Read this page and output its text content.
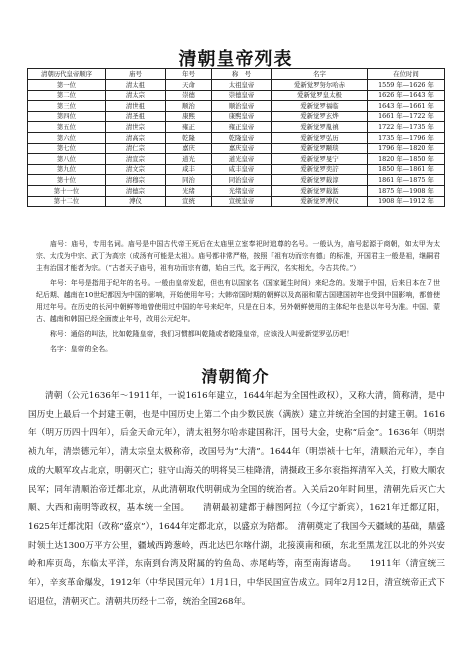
清朝皇帝列表
清朝历代皇帝顺序	庙号	年号	称　号	名字	在位时间
第一位	清太祖	天命	太祖皇帝	爱新觉罗努尔哈赤	1559 年—1626 年
第二位	清太宗	崇德	崇德皇帝	爱新觉罗皇太极	1626 年—1643 年
第三位	清世祖	顺治	顺治皇帝	爱新觉罗福临	1643 年—1661 年
第四位	清圣祖	康熙	康熙皇帝	爱新觉罗玄烨	1661 年—1722 年
第五位	清世宗	雍正	雍正皇帝	爱新觉罗胤禛	1722 年—1735 年
第六位	清高宗	乾隆	乾隆皇帝	爱新觉罗弘历	1735 年—1796 年
第七位	清仁宗	嘉庆	嘉庆皇帝	爱新觉罗颙琰	1796 年—1820 年
第八位	清宣宗	道光	道光皇帝	爱新觉罗旻宁	1820 年—1850 年
第九位	清文宗	咸丰	咸丰皇帝	爱新觉罗奕詝	1850 年—1861 年
第十位	清穆宗	同治	同治皇帝	爱新觉罗载淳	1861 年—1875 年
第十一位	清德宗	光绪	光绪皇帝	爱新觉罗载湉	1875 年—1908 年
第十二位	溥仪	宣统	宣统皇帝	爱新觉罗溥仪	1908 年—1912 年

庙号：庙号，专用名词。庙号是中国古代帝王死后在太庙里立室奉祀时追尊的名号。一般认为，庙号起源于商朝，如太甲为太宗、太戊为中宗、武丁为高宗（成汤有可能是太祖）。庙号都非常严格，按照「祖有功而宗有德」的标准，开国君主一般是祖，继嗣君主有治国才能者为宗。（“古者天子庙号，祖有功而宗有德，始自三代，迄于两汉，名实相允，今古共传。”）

年号：年号是指用于纪年的名号。一般由皇帝发起，但也有以国家名（国家诞生时间）来纪念的。发端于中国，后来日本在７世纪后期、越南在10世纪都因为中国的影响，开始使用年号；大韩帝国时期的朝鲜以及高丽和蒙古国建国初年也受到中国影响，都曾使用过年号。在历史的长河中朝鲜等地曾使用过中国的年号来纪年，只是在日本，另外朝鲜使用的主体纪年也是以年号为准。中国、蒙古、越南和韩国已经全面废止年号，改用公元纪年。

称号：通俗的叫法，比如乾隆皇帝，我们习惯都叫乾隆或者乾隆皇帝，应该没人叫爱新觉罗弘历吧！

名字：皇帝的全名。

清朝简介

清朝（公元1636年～1911年，一说1616年建立，1644年起为全国性政权），又称大清，简称清，是中国历史上最后一个封建王朝，也是中国历史上第二个由少数民族（满族）建立并统治全国的封建王朝。1616年（明万历四十四年），后金天命元年），清太祖努尔哈赤建国称汗，国号大金，史称“后金”。1636年（明崇祯九年，清崇德元年），清太宗皇太极称帝，改国号为“大清”。1644年（明崇祯十七年，清顺治元年），李自成的大顺军攻占北京，明朝灭亡；驻守山海关的明将吴三桂降清，清摄政王多尔衮指挥清军入关，打败大顺农民军；同年清顺治帝迁都北京，从此清朝取代明朝成为全国的统治者。入关后20年时间里，清朝先后灭亡大顺、大西和南明等政权，基本统一全国。　　清朝最初建都于赫图阿拉（今辽宁新宾），1621年迁都辽阳，1625年迁都沈阳（改称“盛京”），1644年定都北京，以盛京为陪都。　清朝奠定了我国今天疆域的基础，鼎盛时领土达1300万平方公里，疆域西跨葱岭，西北达巴尔喀什湖，北接漠南和硕，东北至黑龙江以北的外兴安岭和库页岛，东临太平洋，东南到台湾及附属的钓鱼岛、赤尾屿等，南至南海诸岛。　　1911年（清宣统三年），辛亥革命爆发，1912年（中华民国元年）1月1日，中华民国宣告成立。同年2月12日，清宣统帝正式下诏退位，清朝灭亡。清朝共历经十二帝，统治全国268年。
